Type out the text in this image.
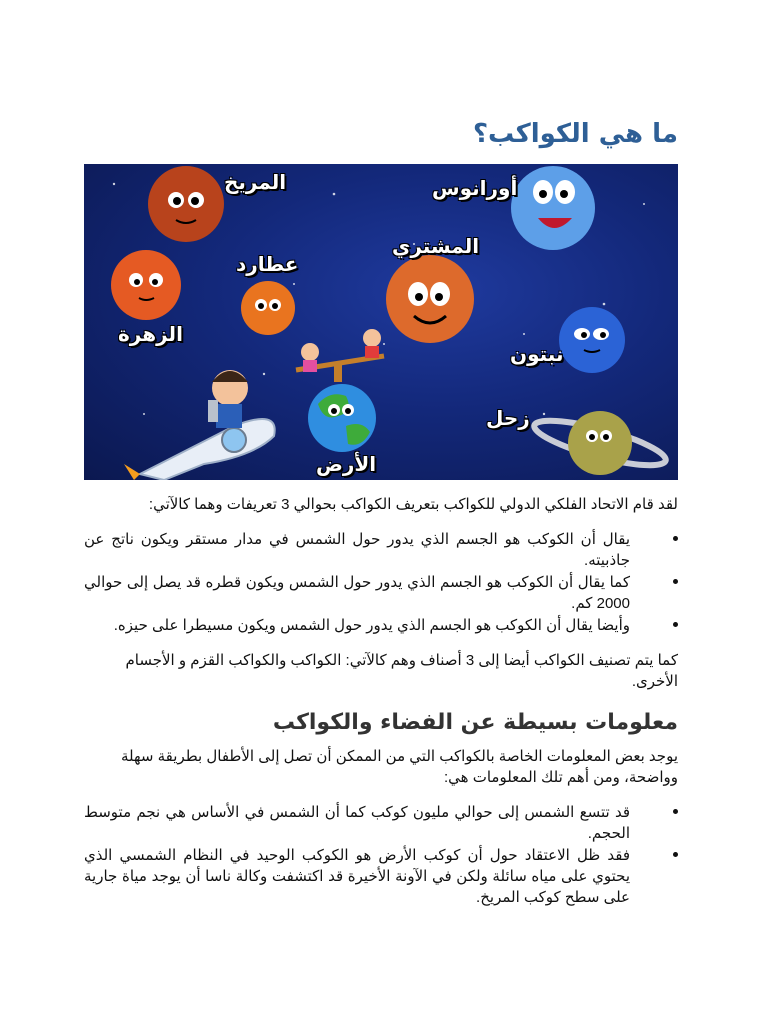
ما هي الكواكب؟
المريخ	أورانوس
عطارد
المشتري
الزهرة
نبتون
زحل
الأرض

لقد قام الاتحاد الفلكي الدولي للكواكب بتعريف الكواكب بحوالي 3 تعريفات وهما كالآتي:

يقال أن الكوكب هو الجسم الذي يدور حول الشمس في مدار مستقر ويكون ناتج عن جاذبيته.
كما يقال أن الكوكب هو الجسم الذي يدور حول الشمس ويكون قطره قد يصل إلى حوالي 2000 كم.
وأيضا يقال أن الكوكب هو الجسم الذي يدور حول الشمس ويكون مسيطرا على حيزه.

كما يتم تصنيف الكواكب أيضا إلى 3 أصناف وهم كالآتي: الكواكب والكواكب القزم و الأجسام الأخرى.

معلومات بسيطة عن الفضاء والكواكب

يوجد بعض المعلومات الخاصة بالكواكب التي من الممكن أن تصل إلى الأطفال بطريقة سهلة وواضحة، ومن أهم تلك المعلومات هي:

قد تتسع الشمس إلى حوالي مليون كوكب كما أن الشمس في الأساس هي نجم متوسط الحجم.
فقد ظل الاعتقاد حول أن كوكب الأرض هو الكوكب الوحيد في النظام الشمسي الذي يحتوي على مياه سائلة ولكن في الآونة الأخيرة قد اكتشفت وكالة ناسا أن يوجد مياة جارية على سطح كوكب المريخ.
